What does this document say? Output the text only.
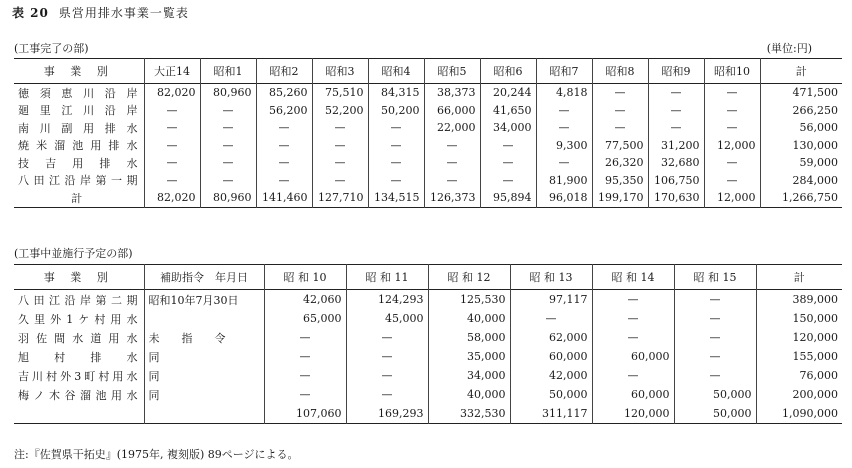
表 20 県営用排水事業一覧表
(工事完了の部)	(単位:円)
事 業 別	大正14	昭和1	昭和2	昭和3	昭和4	昭和5	昭和6	昭和7	昭和8	昭和9	昭和10	計
徳須恵川沿岸	82,020	80,960	85,260	75,510	84,315	38,373	20,244	4,818	—	—	—	471,500
廻里江川沿岸	—	—	56,200	52,200	50,200	66,000	41,650	—	—	—	—	266,250
南川副用排水	—	—	—	—	—	22,000	34,000	—	—	—	—	56,000
焼米溜池用排水	—	—	—	—	—	—	—	9,300	77,500	31,200	12,000	130,000
技吉用排水	—	—	—	—	—	—	—	—	26,320	32,680	—	59,000
八田江沿岸第一期	—	—	—	—	—	—	—	81,900	95,350	106,750	—	284,000
計	82,020	80,960	141,460	127,710	134,515	126,373	95,894	96,018	199,170	170,630	12,000	1,266,750
(工事中並施行予定の部)
事 業 別	補助指令　年月日	昭 和 10	昭 和 11	昭 和 12	昭 和 13	昭 和 14	昭 和 15	計
八田江沿岸第二期	昭和10年7月30日	42,060	124,293	125,530	97,117	—	—	389,000
久里外1ケ村用水		65,000	45,000	40,000	—	—	—	150,000
羽佐間水道用水	未　　指　　令	—	—	58,000	62,000	—	—	120,000
旭村排水	同	—	—	35,000	60,000	60,000	—	155,000
吉川村外3町村用水	同	—	—	34,000	42,000	—	—	76,000
梅ノ木谷溜池用水	同	—	—	40,000	50,000	60,000	50,000	200,000
		107,060	169,293	332,530	311,117	120,000	50,000	1,090,000
注:『佐賀県干拓史』(1975年, 複刻版) 89ページによる。
